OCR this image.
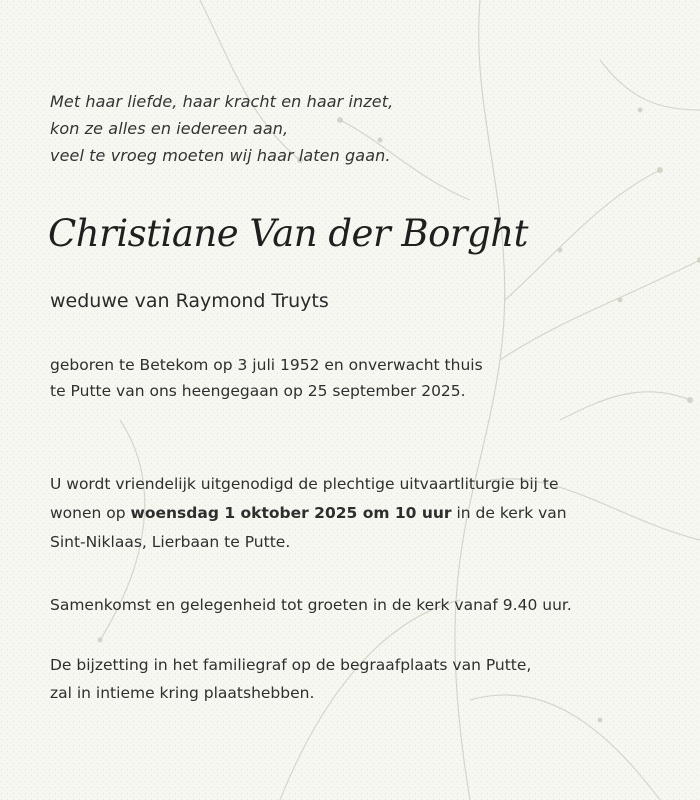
Met haar liefde, haar kracht en haar inzet,
kon ze alles en iedereen aan,
veel te vroeg moeten wij haar laten gaan.
Christiane Van der Borght
weduwe van Raymond Truyts
geboren te Betekom op 3 juli 1952 en onverwacht thuis
te Putte van ons heengegaan op 25 september 2025.
U wordt vriendelijk uitgenodigd de plechtige uitvaartliturgie bij te
wonen op woensdag 1 oktober 2025 om 10 uur in de kerk van
Sint-Niklaas, Lierbaan te Putte.
Samenkomst en gelegenheid tot groeten in de kerk vanaf 9.40 uur.
De bijzetting in het familiegraf op de begraafplaats van Putte,
zal in intieme kring plaatshebben.
